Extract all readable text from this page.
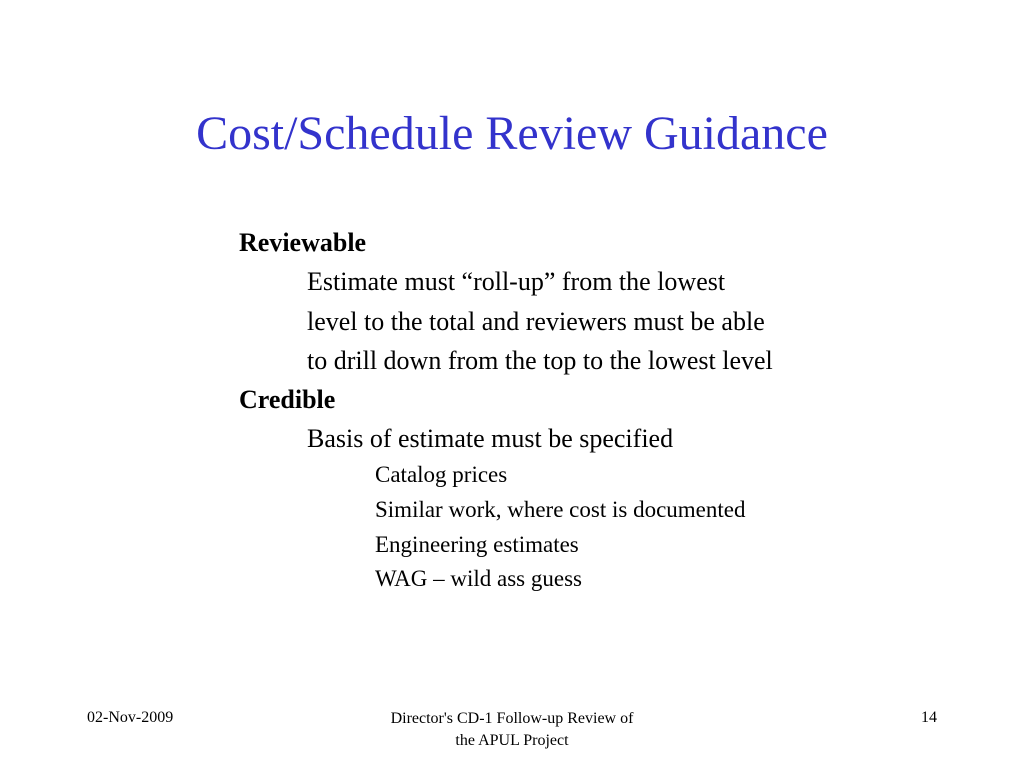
Cost/Schedule Review Guidance
Reviewable
Estimate must “roll-up” from the lowest
level to the total and reviewers must be able
to drill down from the top to the lowest level
Credible
Basis of estimate must be specified
Catalog prices
Similar work, where cost is documented
Engineering estimates
WAG – wild ass guess
02-Nov-2009	Director's CD-1 Follow-up Review of
the APUL Project
14
